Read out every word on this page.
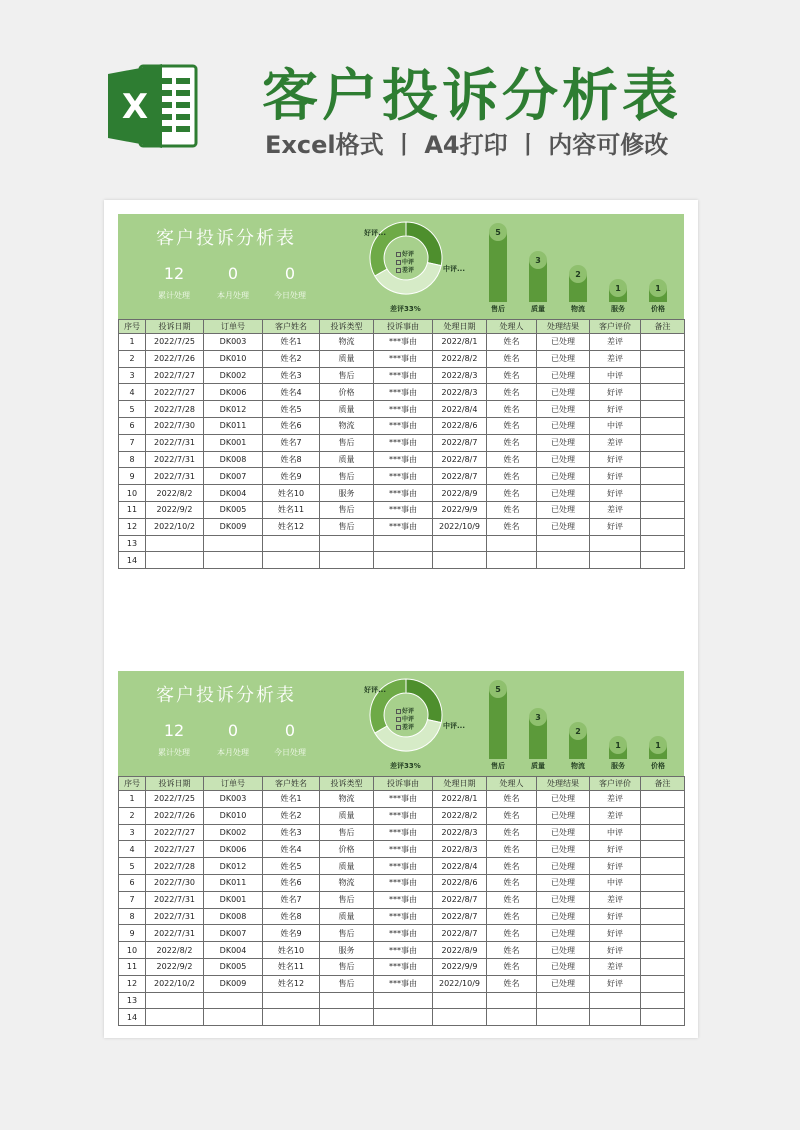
X 客户投诉分析表
Excel格式 丨 A4打印 丨 内容可修改
客户投诉分析表
12
累计处理
0
本月处理
0
今日处理
好评...
中评...
差评33%
好评
中评
差评
5
售后
3
质量
2
物流
1
服务
1
价格
序号	投诉日期	订单号	客户姓名	投诉类型	投诉事由	处理日期	处理人	处理结果	客户评价	备注
1	2022/7/25	DK003	姓名1	物流	***事由	2022/8/1	姓名	已处理	差评	
2	2022/7/26	DK010	姓名2	质量	***事由	2022/8/2	姓名	已处理	差评	
3	2022/7/27	DK002	姓名3	售后	***事由	2022/8/3	姓名	已处理	中评	
4	2022/7/27	DK006	姓名4	价格	***事由	2022/8/3	姓名	已处理	好评	
5	2022/7/28	DK012	姓名5	质量	***事由	2022/8/4	姓名	已处理	好评	
6	2022/7/30	DK011	姓名6	物流	***事由	2022/8/6	姓名	已处理	中评	
7	2022/7/31	DK001	姓名7	售后	***事由	2022/8/7	姓名	已处理	差评	
8	2022/7/31	DK008	姓名8	质量	***事由	2022/8/7	姓名	已处理	好评	
9	2022/7/31	DK007	姓名9	售后	***事由	2022/8/7	姓名	已处理	好评	
10	2022/8/2	DK004	姓名10	服务	***事由	2022/8/9	姓名	已处理	好评	
11	2022/9/2	DK005	姓名11	售后	***事由	2022/9/9	姓名	已处理	差评	
12	2022/10/2	DK009	姓名12	售后	***事由	2022/10/9	姓名	已处理	好评	
13										
14										
客户投诉分析表
12
累计处理
0
本月处理
0
今日处理
好评...
中评...
差评33%
好评
中评
差评
5
售后
3
质量
2
物流
1
服务
1
价格
序号	投诉日期	订单号	客户姓名	投诉类型	投诉事由	处理日期	处理人	处理结果	客户评价	备注
1	2022/7/25	DK003	姓名1	物流	***事由	2022/8/1	姓名	已处理	差评	
2	2022/7/26	DK010	姓名2	质量	***事由	2022/8/2	姓名	已处理	差评	
3	2022/7/27	DK002	姓名3	售后	***事由	2022/8/3	姓名	已处理	中评	
4	2022/7/27	DK006	姓名4	价格	***事由	2022/8/3	姓名	已处理	好评	
5	2022/7/28	DK012	姓名5	质量	***事由	2022/8/4	姓名	已处理	好评	
6	2022/7/30	DK011	姓名6	物流	***事由	2022/8/6	姓名	已处理	中评	
7	2022/7/31	DK001	姓名7	售后	***事由	2022/8/7	姓名	已处理	差评	
8	2022/7/31	DK008	姓名8	质量	***事由	2022/8/7	姓名	已处理	好评	
9	2022/7/31	DK007	姓名9	售后	***事由	2022/8/7	姓名	已处理	好评	
10	2022/8/2	DK004	姓名10	服务	***事由	2022/8/9	姓名	已处理	好评	
11	2022/9/2	DK005	姓名11	售后	***事由	2022/9/9	姓名	已处理	差评	
12	2022/10/2	DK009	姓名12	售后	***事由	2022/10/9	姓名	已处理	好评	
13										
14										
